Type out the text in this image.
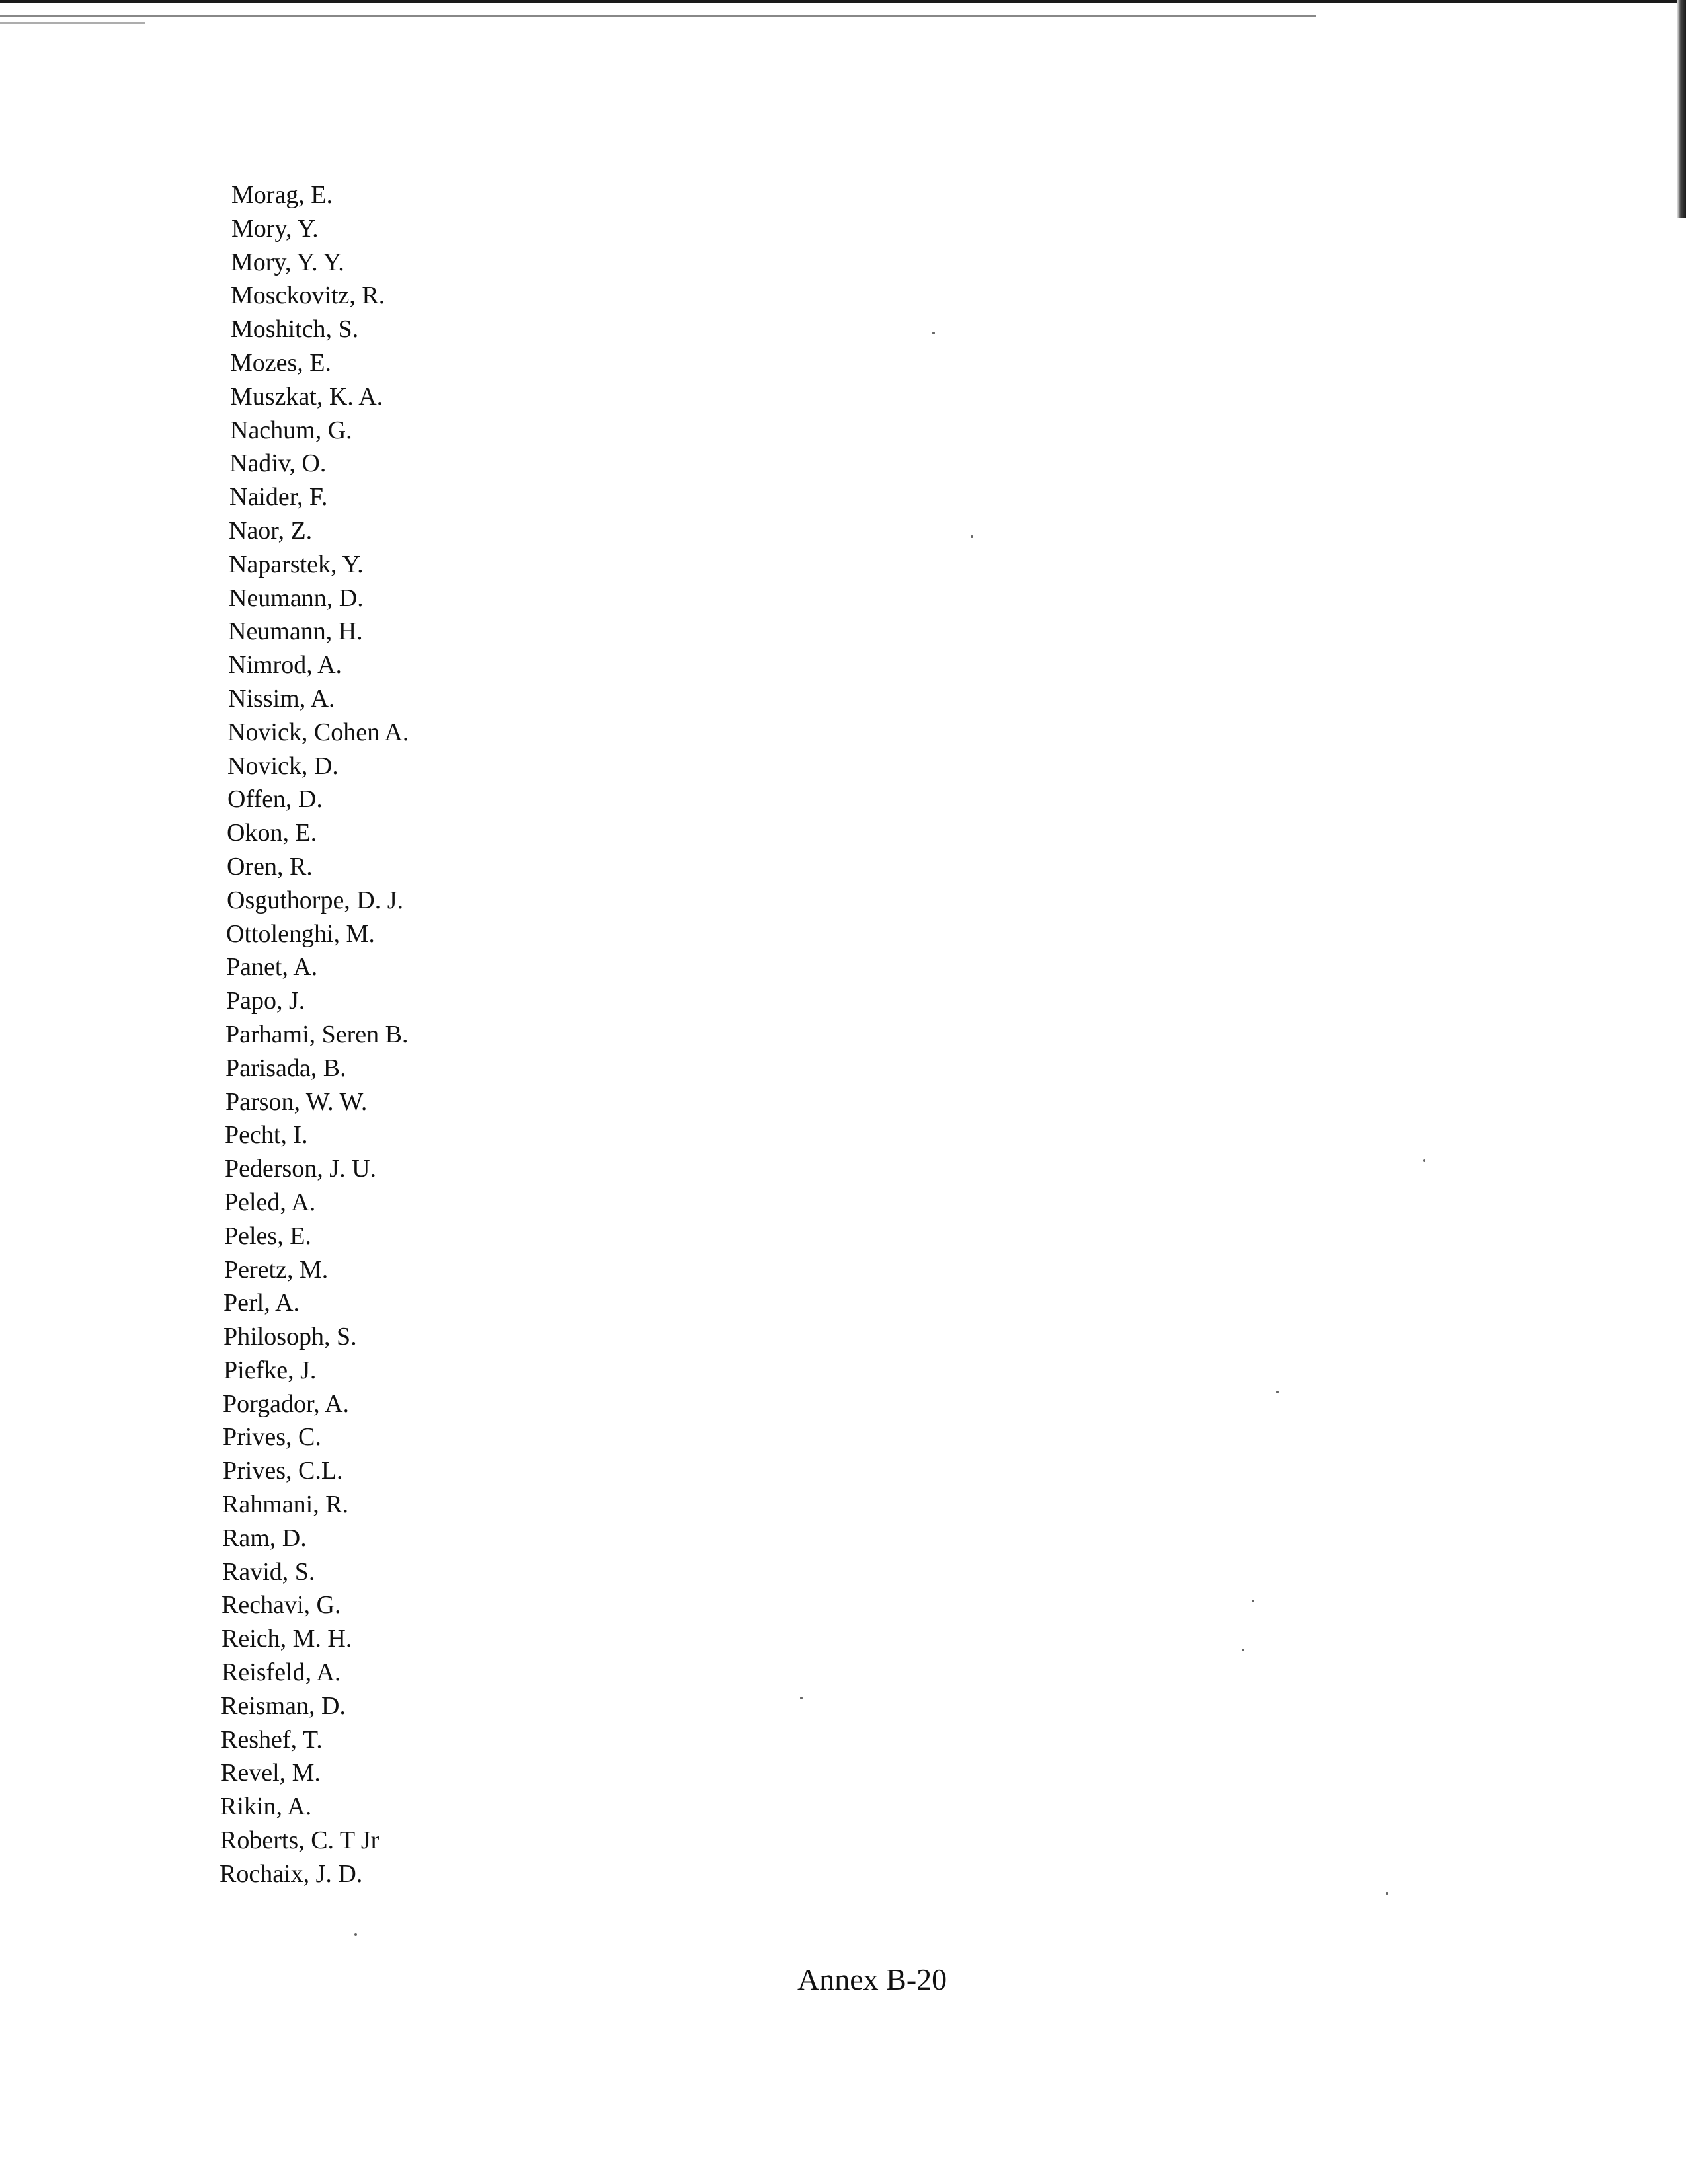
Morag, E.
Mory, Y.
Mory, Y. Y.
Mosckovitz, R.
Moshitch, S.
Mozes, E.
Muszkat, K. A.
Nachum, G.
Nadiv, O.
Naider, F.
Naor, Z.
Naparstek, Y.
Neumann, D.
Neumann, H.
Nimrod, A.
Nissim, A.
Novick, Cohen A.
Novick, D.
Offen, D.
Okon, E.
Oren, R.
Osguthorpe, D. J.
Ottolenghi, M.
Panet, A.
Papo, J.
Parhami, Seren B.
Parisada, B.
Parson, W. W.
Pecht, I.
Pederson, J. U.
Peled, A.
Peles, E.
Peretz, M.
Perl, A.
Philosoph, S.
Piefke, J.
Porgador, A.
Prives, C.
Prives, C.L.
Rahmani, R.
Ram, D.
Ravid, S.
Rechavi, G.
Reich, M. H.
Reisfeld, A.
Reisman, D.
Reshef, T.
Revel, M.
Rikin, A.
Roberts, C. T Jr
Rochaix, J. D.
Annex B-20
